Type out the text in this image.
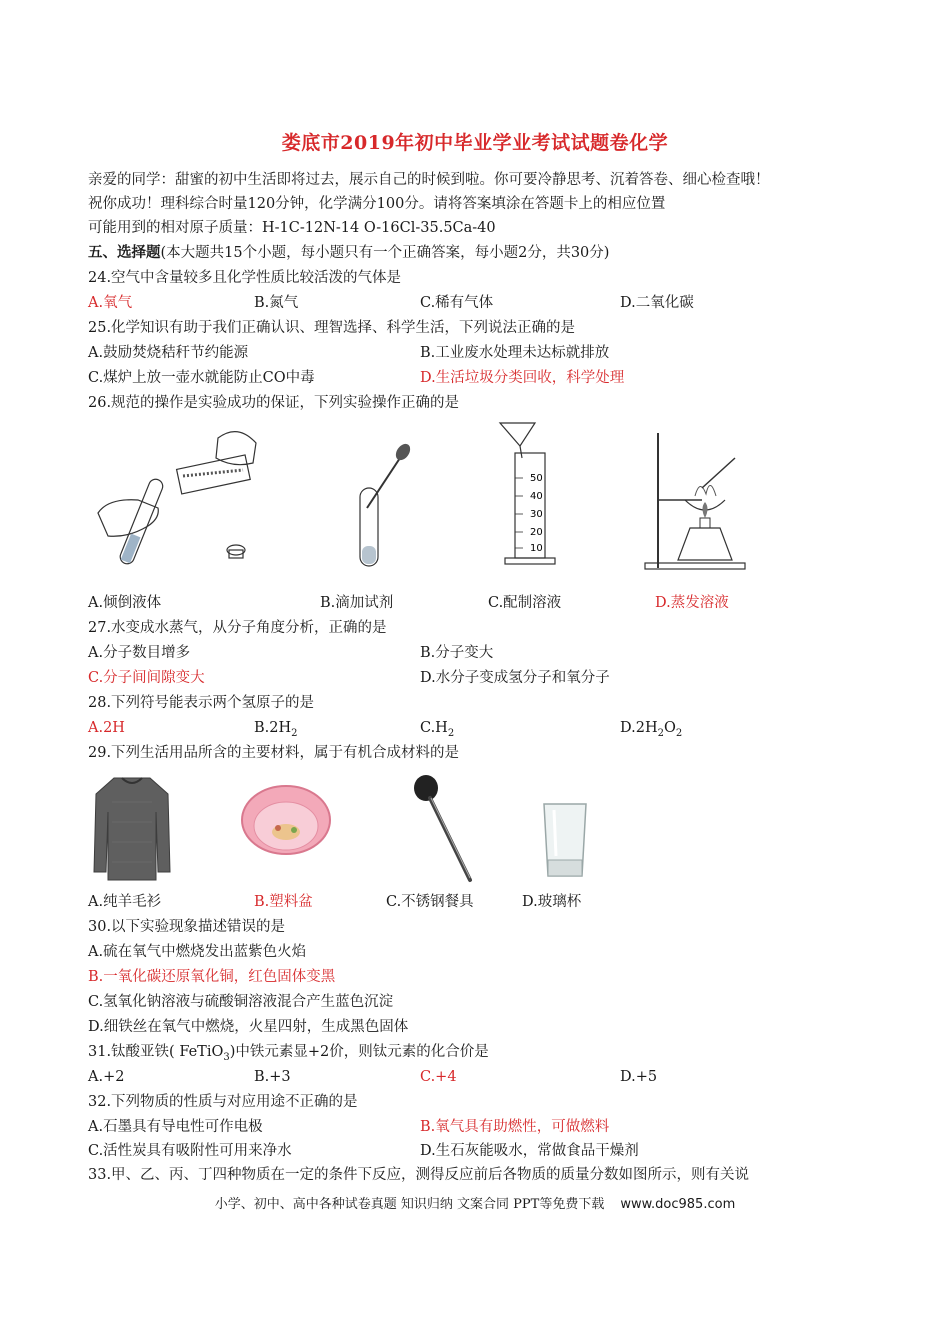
娄底市2019年初中毕业学业考试试题卷化学
亲爱的同学：甜蜜的初中生活即将过去，展示自己的时候到啦。你可要冷静思考、沉着答卷、细心检查哦！
祝你成功！理科综合时量120分钟，化学满分100分。请将答案填涂在答题卡上的相应位置
可能用到的相对原子质量：H-1C-12N-14 O-16Cl-35.5Ca-40
五、选择题(本大题共15个小题，每小题只有一个正确答案，每小题2分，共30分)
24.空气中含量较多且化学性质比较活泼的气体是
A.氧气	B.氮气	C.稀有气体	D.二氧化碳
25.化学知识有助于我们正确认识、理智选择、科学生活，下列说法正确的是
A.鼓励焚烧秸秆节约能源	B.工业废水处理未达标就排放
C.煤炉上放一壶水就能防止CO中毒	D.生活垃圾分类回收，科学处理
26.规范的操作是实验成功的保证，下列实验操作正确的是
50
40
30
20
10
A.倾倒液体	B.滴加试剂	C.配制溶液	D.蒸发溶液
27.水变成水蒸气，从分子角度分析，正确的是
A.分子数目增多	B.分子变大
C.分子间间隙变大	D.水分子变成氢分子和氧分子
28.下列符号能表示两个氢原子的是
A.2H	$B.2H_2$	$C.H_2$	$D.2H_2O_2$
29.下列生活用品所含的主要材料，属于有机合成材料的是
A.纯羊毛衫	B.塑料盆	C.不锈钢餐具	D.玻璃杯
30.以下实验现象描述错误的是
A.硫在氧气中燃烧发出蓝紫色火焰
B.一氧化碳还原氧化铜，红色固体变黑
C.氢氧化钠溶液与硫酸铜溶液混合产生蓝色沉淀
D.细铁丝在氧气中燃烧，火星四射，生成黑色固体
31.钛酸亚铁( FeTiO$_3$)中铁元素显+2价，则钛元素的化合价是
A.+2	B.+3	C.+4	D.+5
32.下列物质的性质与对应用途不正确的是
A.石墨具有导电性可作电极	B.氧气具有助燃性，可做燃料
C.活性炭具有吸附性可用来净水	D.生石灰能吸水，常做食品干燥剂
33.甲、乙、丙、丁四种物质在一定的条件下反应，测得反应前后各物质的质量分数如图所示，则有关说
小学、初中、高中各种试卷真题 知识归纳 文案合同 PPT等免费下载 www.doc985.com
